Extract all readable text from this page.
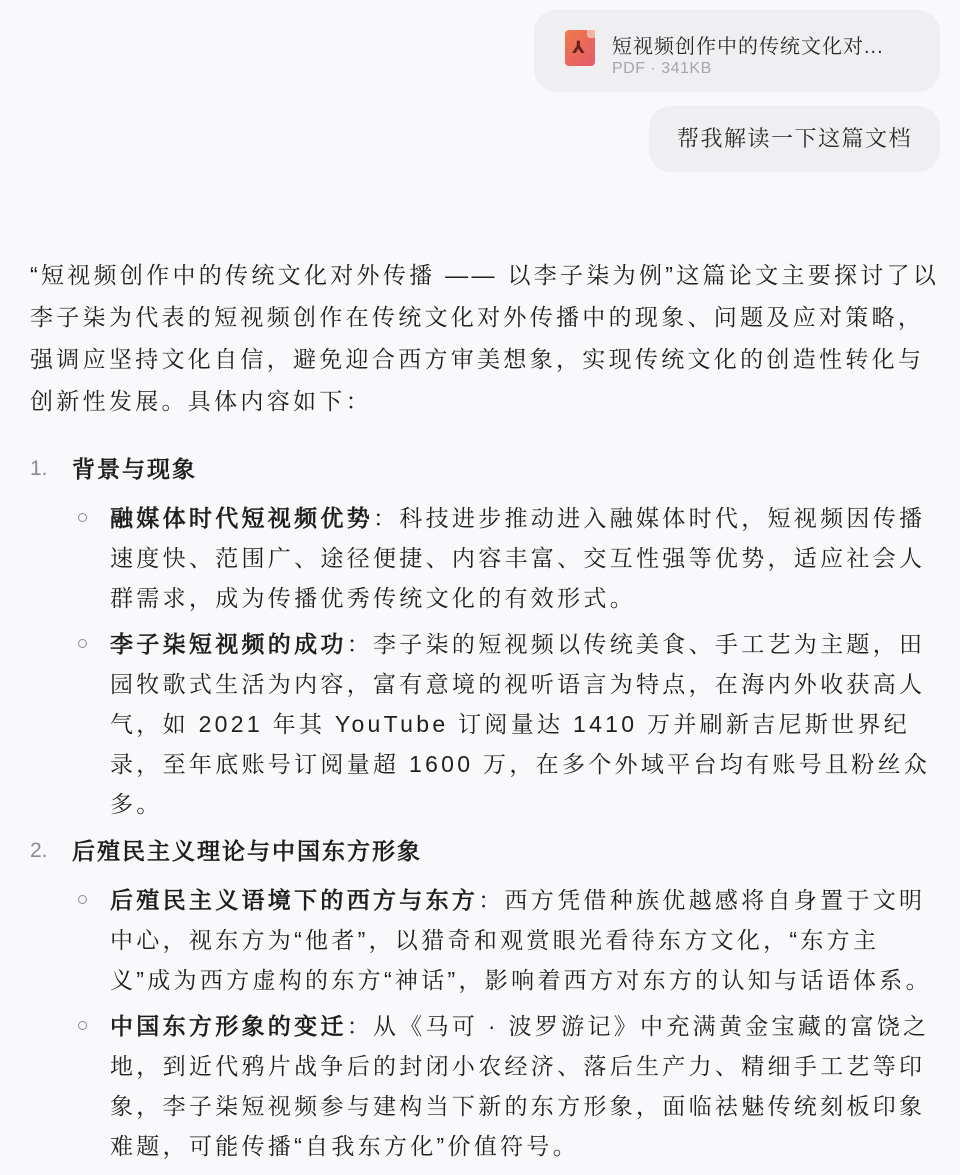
⅄ 短视频创作中的传统文化对...
PDF · 341KB
帮我解读一下这篇文档

“短视频创作中的传统文化对外传播 —— 以李子柒为例”这篇论文主要探讨了以李子柒为代表的短视频创作在传统文化对外传播中的现象、问题及应对策略，强调应坚持文化自信，避免迎合西方审美想象，实现传统文化的创造性转化与创新性发展。具体内容如下：

1. 背景与现象
融媒体时代短视频优势：科技进步推动进入融媒体时代，短视频因传播速度快、范围广、途径便捷、内容丰富、交互性强等优势，适应社会人群需求，成为传播优秀传统文化的有效形式。
李子柒短视频的成功：李子柒的短视频以传统美食、手工艺为主题，田园牧歌式生活为内容，富有意境的视听语言为特点，在海内外收获高人气，如 2021 年其 YouTube 订阅量达 1410 万并刷新吉尼斯世界纪录，至年底账号订阅量超 1600 万，在多个外域平台均有账号且粉丝众多。
2. 后殖民主义理论与中国东方形象
后殖民主义语境下的西方与东方：西方凭借种族优越感将自身置于文明中心，视东方为“他者”，以猎奇和观赏眼光看待东方文化，“东方主义”成为西方虚构的东方“神话”，影响着西方对东方的认知与话语体系。
中国东方形象的变迁：从《马可 · 波罗游记》中充满黄金宝藏的富饶之地，到近代鸦片战争后的封闭小农经济、落后生产力、精细手工艺等印象，李子柒短视频参与建构当下新的东方形象，面临祛魅传统刻板印象难题，可能传播“自我东方化”价值符号。
